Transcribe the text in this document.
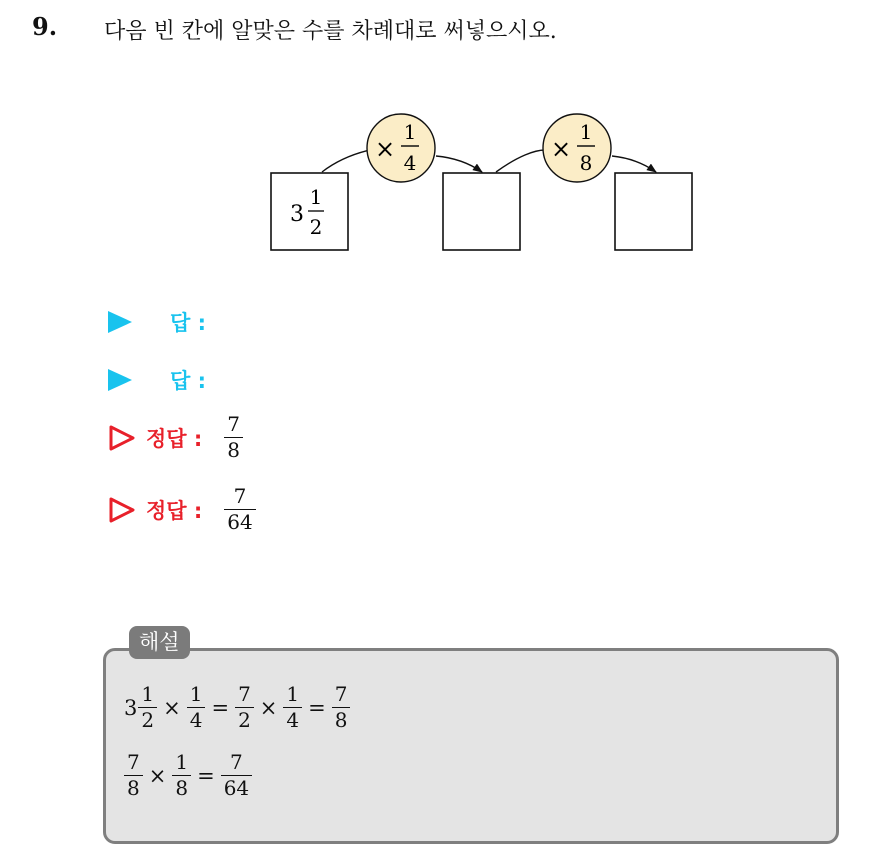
9. 다음 빈 칸에 알맞은 수를 차례대로 써넣으시오.
3
1
2
×
1
4	×
1
8
답 :
답 :
정답 : $\frac{7}{8}$
정답 : $\frac{7}{64}$
해설
$3 \frac{1}{2} \times \frac{1}{4} = \frac{7}{2} \times \frac{1}{4} = \frac{7}{8}$
$\frac{7}{8} \times \frac{1}{8} = \frac{7}{64}$
